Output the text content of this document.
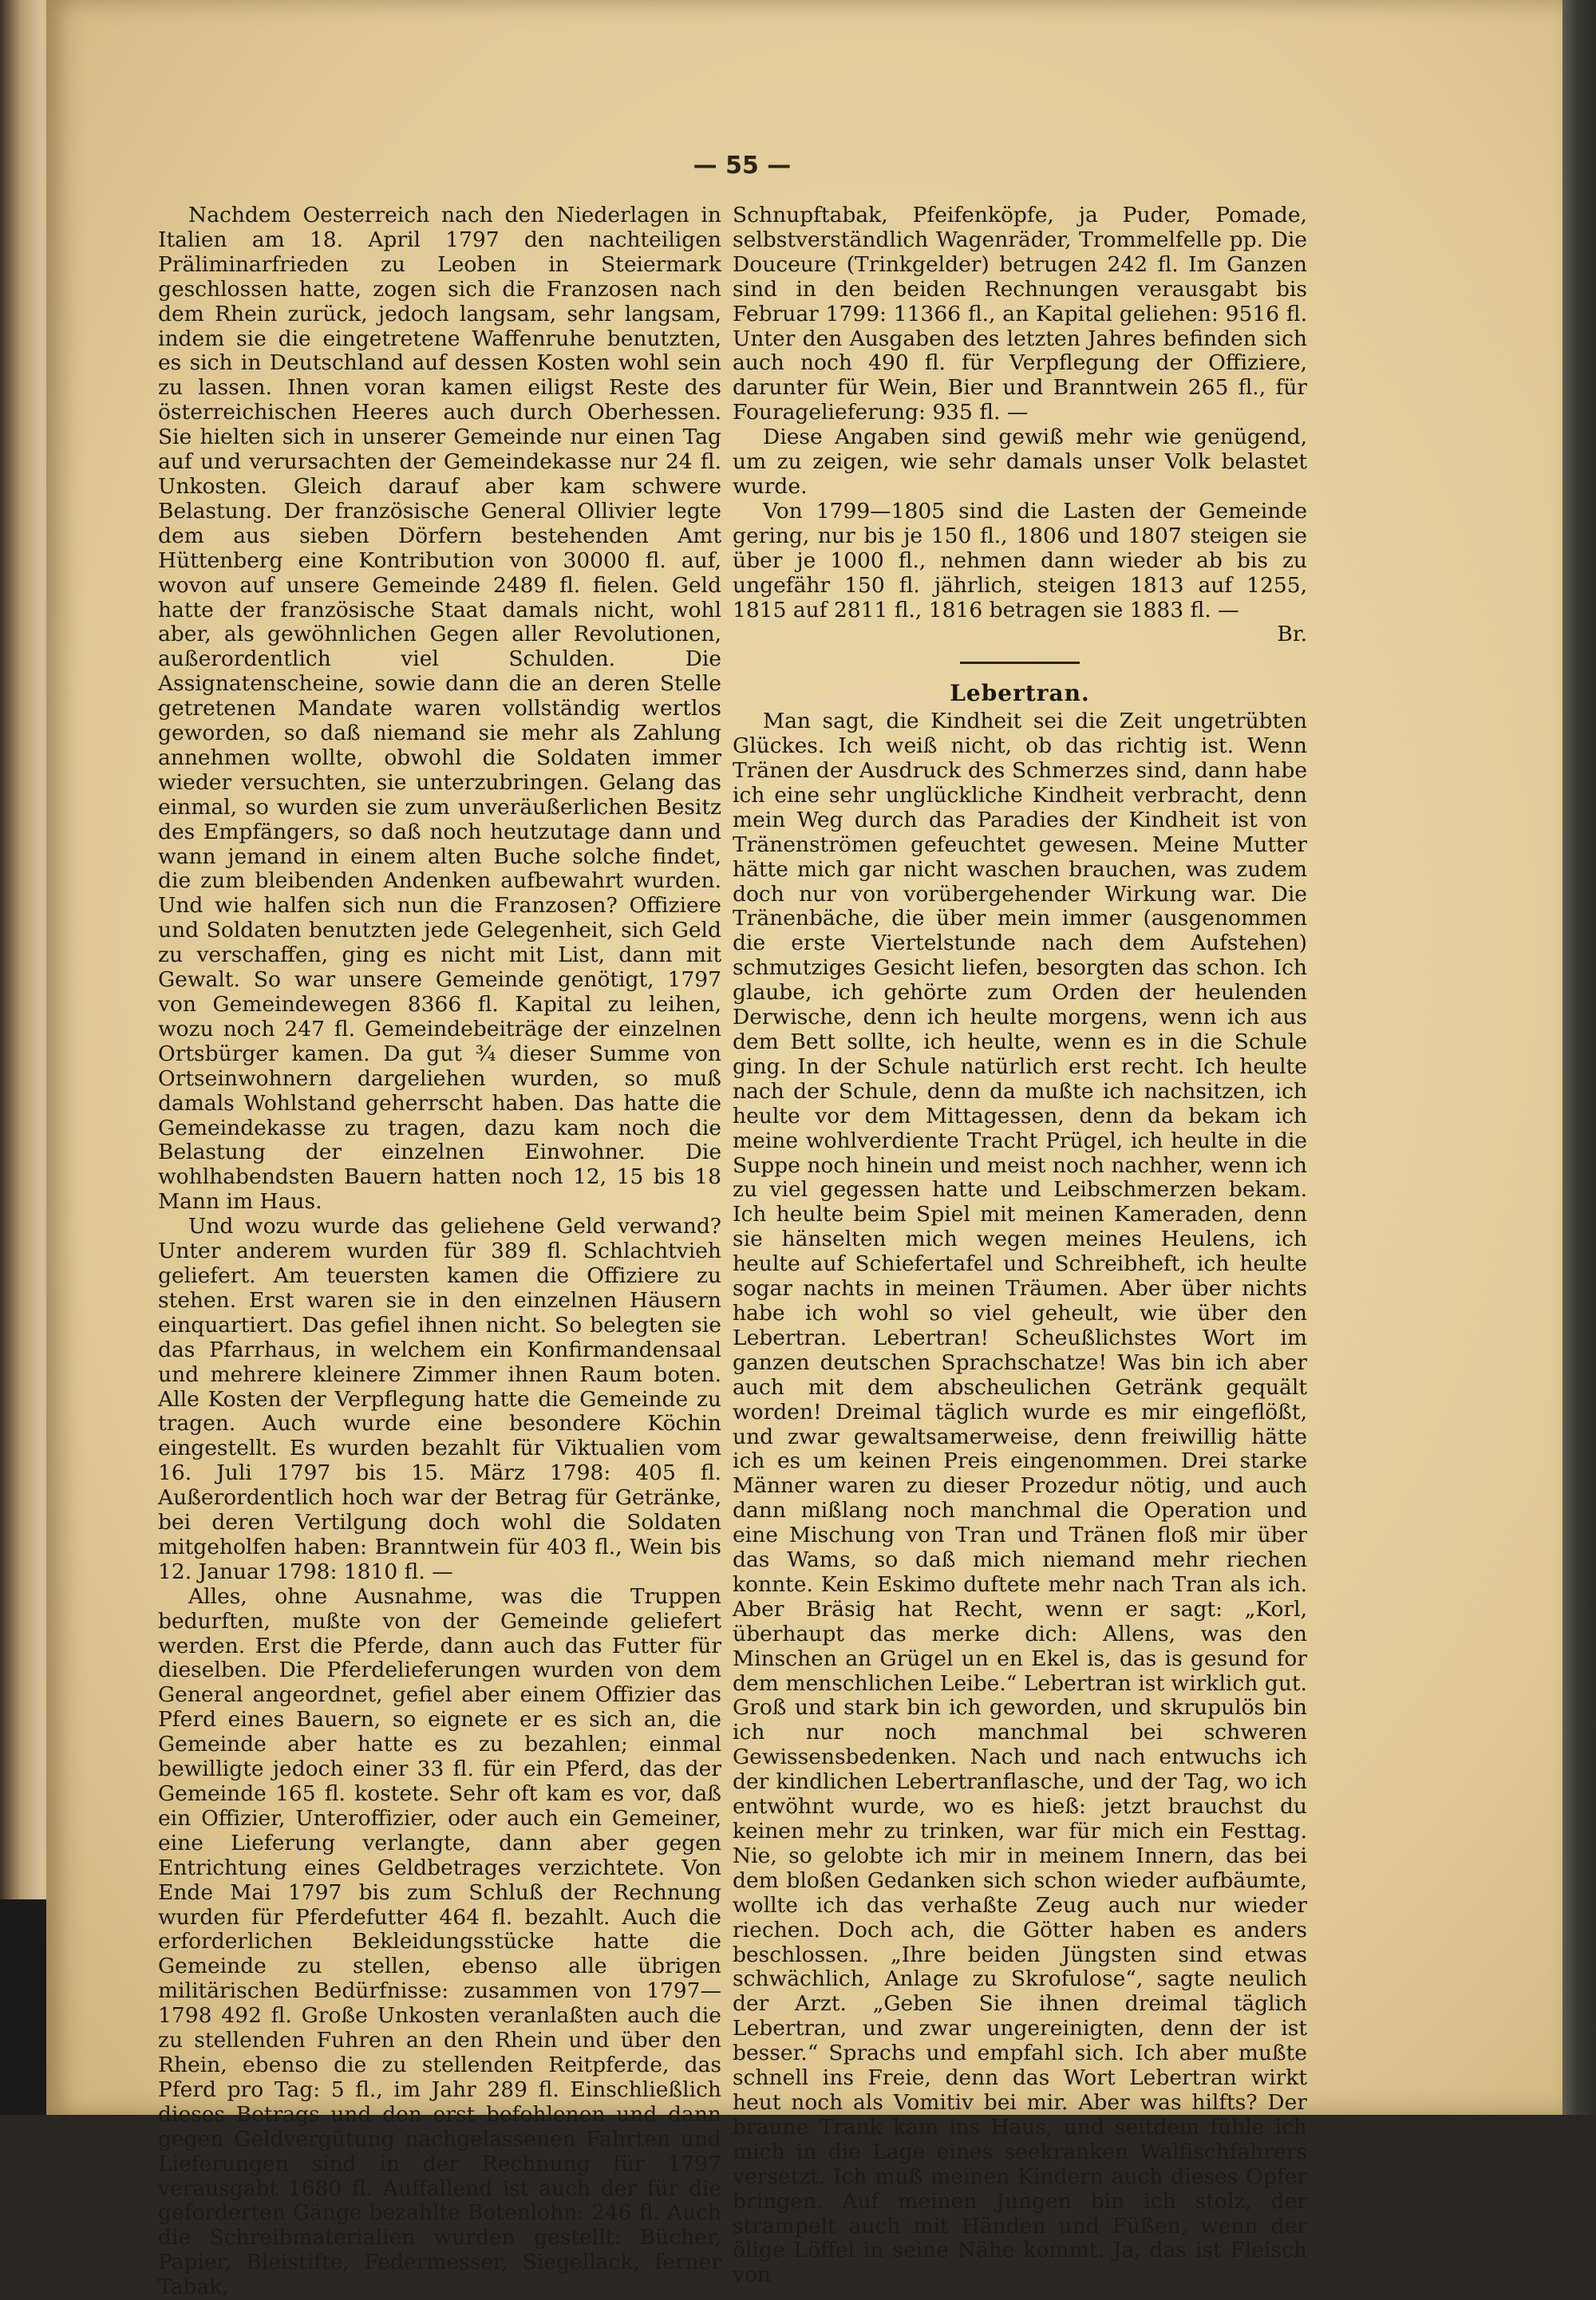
— 55 —

Nachdem Oesterreich nach den Niederlagen in Italien am 18. April 1797 den nachteiligen Präliminarfrieden zu Leoben in Steiermark geschlossen hatte, zogen sich die Franzosen nach dem Rhein zurück, jedoch langsam, sehr langsam, indem sie die eingetretene Waffenruhe benutzten, es sich in Deutschland auf dessen Kosten wohl sein zu lassen. Ihnen voran kamen eiligst Reste des österreichischen Heeres auch durch Oberhessen. Sie hielten sich in unserer Gemeinde nur einen Tag auf und verursachten der Gemeindekasse nur 24 fl. Unkosten. Gleich darauf aber kam schwere Belastung. Der französische General Ollivier legte dem aus sieben Dörfern bestehenden Amt Hüttenberg eine Kontribution von 30000 fl. auf, wovon auf unsere Gemeinde 2489 fl. fielen. Geld hatte der französische Staat damals nicht, wohl aber, als gewöhnlichen Gegen aller Revolutionen, außerordentlich viel Schulden. Die Assignatenscheine, sowie dann die an deren Stelle getretenen Mandate waren vollständig wertlos geworden, so daß niemand sie mehr als Zahlung annehmen wollte, obwohl die Soldaten immer wieder versuchten, sie unterzubringen. Gelang das einmal, so wurden sie zum unveräußerlichen Besitz des Empfängers, so daß noch heutzutage dann und wann jemand in einem alten Buche solche findet, die zum bleibenden Andenken aufbewahrt wurden. Und wie halfen sich nun die Franzosen? Offiziere und Soldaten benutzten jede Gelegenheit, sich Geld zu verschaffen, ging es nicht mit List, dann mit Gewalt. So war unsere Gemeinde genötigt, 1797 von Gemeindewegen 8366 fl. Kapital zu leihen, wozu noch 247 fl. Gemeindebeiträge der einzelnen Ortsbürger kamen. Da gut ¾ dieser Summe von Ortseinwohnern dargeliehen wurden, so muß damals Wohlstand geherrscht haben. Das hatte die Gemeindekasse zu tragen, dazu kam noch die Belastung der einzelnen Einwohner. Die wohlhabendsten Bauern hatten noch 12, 15 bis 18 Mann im Haus.

Und wozu wurde das geliehene Geld verwand? Unter anderem wurden für 389 fl. Schlachtvieh geliefert. Am teuersten kamen die Offiziere zu stehen. Erst waren sie in den einzelnen Häusern einquartiert. Das gefiel ihnen nicht. So belegten sie das Pfarrhaus, in welchem ein Konfirmandensaal und mehrere kleinere Zimmer ihnen Raum boten. Alle Kosten der Verpflegung hatte die Gemeinde zu tragen. Auch wurde eine besondere Köchin eingestellt. Es wurden bezahlt für Viktualien vom 16. Juli 1797 bis 15. März 1798: 405 fl. Außerordentlich hoch war der Betrag für Getränke, bei deren Vertilgung doch wohl die Soldaten mitgeholfen haben: Branntwein für 403 fl., Wein bis 12. Januar 1798: 1810 fl. —

Alles, ohne Ausnahme, was die Truppen bedurften, mußte von der Gemeinde geliefert werden. Erst die Pferde, dann auch das Futter für dieselben. Die Pferdelieferungen wurden von dem General angeordnet, gefiel aber einem Offizier das Pferd eines Bauern, so eignete er es sich an, die Gemeinde aber hatte es zu bezahlen; einmal bewilligte jedoch einer 33 fl. für ein Pferd, das der Gemeinde 165 fl. kostete. Sehr oft kam es vor, daß ein Offizier, Unteroffizier, oder auch ein Gemeiner, eine Lieferung verlangte, dann aber gegen Entrichtung eines Geldbetrages verzichtete. Von Ende Mai 1797 bis zum Schluß der Rechnung wurden für Pferdefutter 464 fl. bezahlt. Auch die erforderlichen Bekleidungsstücke hatte die Gemeinde zu stellen, ebenso alle übrigen militärischen Bedürfnisse: zusammen von 1797—1798 492 fl. Große Unkosten veranlaßten auch die zu stellenden Fuhren an den Rhein und über den Rhein, ebenso die zu stellenden Reitpferde, das Pferd pro Tag: 5 fl., im Jahr 289 fl. Einschließlich dieses Betrags und den erst befohlenen und dann gegen Geldvergütung nachgelassenen Fahrten und Lieferungen sind in der Rechnung für 1797 verausgabt 1680 fl. Auffallend ist auch der für die geforderten Gänge bezahlte Botenlohn: 246 fl. Auch die Schreibmaterialien wurden gestellt: Bücher, Papier, Bleistifte, Federmesser, Siegellack, ferner Tabak,

Schnupftabak, Pfeifenköpfe, ja Puder, Pomade, selbstverständlich Wagenräder, Trommelfelle pp. Die Douceure (Trinkgelder) betrugen 242 fl. Im Ganzen sind in den beiden Rechnungen verausgabt bis Februar 1799: 11366 fl., an Kapital geliehen: 9516 fl. Unter den Ausgaben des letzten Jahres befinden sich auch noch 490 fl. für Verpflegung der Offiziere, darunter für Wein, Bier und Branntwein 265 fl., für Fouragelieferung: 935 fl. —

Diese Angaben sind gewiß mehr wie genügend, um zu zeigen, wie sehr damals unser Volk belastet wurde.

Von 1799—1805 sind die Lasten der Gemeinde gering, nur bis je 150 fl., 1806 und 1807 steigen sie über je 1000 fl., nehmen dann wieder ab bis zu ungefähr 150 fl. jährlich, steigen 1813 auf 1255, 1815 auf 2811 fl., 1816 betragen sie 1883 fl. —

Br.
Lebertran.

Man sagt, die Kindheit sei die Zeit ungetrübten Glückes. Ich weiß nicht, ob das richtig ist. Wenn Tränen der Ausdruck des Schmerzes sind, dann habe ich eine sehr unglückliche Kindheit verbracht, denn mein Weg durch das Paradies der Kindheit ist von Tränenströmen gefeuchtet gewesen. Meine Mutter hätte mich gar nicht waschen brauchen, was zudem doch nur von vorübergehender Wirkung war. Die Tränenbäche, die über mein immer (ausgenommen die erste Viertelstunde nach dem Aufstehen) schmutziges Gesicht liefen, besorgten das schon. Ich glaube, ich gehörte zum Orden der heulenden Derwische, denn ich heulte morgens, wenn ich aus dem Bett sollte, ich heulte, wenn es in die Schule ging. In der Schule natürlich erst recht. Ich heulte nach der Schule, denn da mußte ich nachsitzen, ich heulte vor dem Mittagessen, denn da bekam ich meine wohlverdiente Tracht Prügel, ich heulte in die Suppe noch hinein und meist noch nachher, wenn ich zu viel gegessen hatte und Leibschmerzen bekam. Ich heulte beim Spiel mit meinen Kameraden, denn sie hänselten mich wegen meines Heulens, ich heulte auf Schiefertafel und Schreibheft, ich heulte sogar nachts in meinen Träumen. Aber über nichts habe ich wohl so viel geheult, wie über den Lebertran. Lebertran! Scheußlichstes Wort im ganzen deutschen Sprachschatze! Was bin ich aber auch mit dem abscheulichen Getränk gequält worden! Dreimal täglich wurde es mir eingeflößt, und zwar gewaltsamerweise, denn freiwillig hätte ich es um keinen Preis eingenommen. Drei starke Männer waren zu dieser Prozedur nötig, und auch dann mißlang noch manchmal die Operation und eine Mischung von Tran und Tränen floß mir über das Wams, so daß mich niemand mehr riechen konnte. Kein Eskimo duftete mehr nach Tran als ich. Aber Bräsig hat Recht, wenn er sagt: „Korl, überhaupt das merke dich: Allens, was den Minschen an Grügel un en Ekel is, das is gesund for dem menschlichen Leibe.“ Lebertran ist wirklich gut. Groß und stark bin ich geworden, und skrupulös bin ich nur noch manchmal bei schweren Gewissensbedenken. Nach und nach entwuchs ich der kindlichen Lebertranflasche, und der Tag, wo ich entwöhnt wurde, wo es hieß: jetzt brauchst du keinen mehr zu trinken, war für mich ein Festtag. Nie, so gelobte ich mir in meinem Innern, das bei dem bloßen Gedanken sich schon wieder aufbäumte, wollte ich das verhaßte Zeug auch nur wieder riechen. Doch ach, die Götter haben es anders beschlossen. „Ihre beiden Jüngsten sind etwas schwächlich, Anlage zu Skrofulose“, sagte neulich der Arzt. „Geben Sie ihnen dreimal täglich Lebertran, und zwar ungereinigten, denn der ist besser.“ Sprachs und empfahl sich. Ich aber mußte schnell ins Freie, denn das Wort Lebertran wirkt heut noch als Vomitiv bei mir. Aber was hilfts? Der braune Trank kam ins Haus, und seitdem fühle ich mich in die Lage eines seekranken Walfischfahrers versetzt. Ich muß meinen Kindern auch dieses Opfer bringen. Auf meinen Jungen bin ich stolz, der strampelt auch mit Händen und Füßen, wenn der ölige Löffel in seine Nähe kommt. Ja, das ist Fleisch von
